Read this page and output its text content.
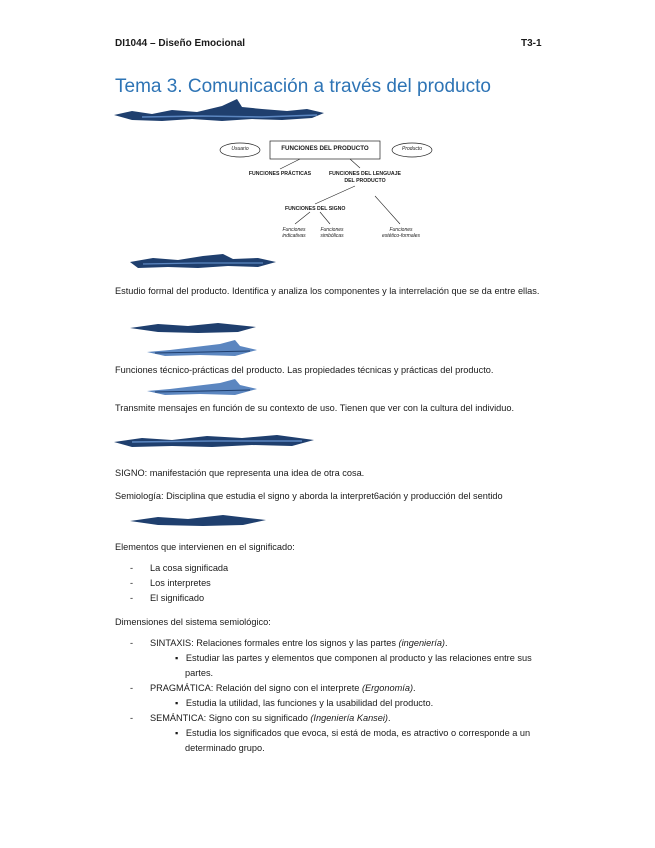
DI1044 – Diseño Emocional	T3-1
Tema 3. Comunicación a través del producto
Usuario	FUNCIONES DEL PRODUCTO	Producto
FUNCIONES PRÁCTICAS	FUNCIONES DEL LENGUAJE
DEL PRODUCTO
FUNCIONES DEL SIGNO
Funciones
indicativas
Funciones
simbólicas
Funciones
estético-formales
Estudio formal del producto. Identifica y analiza los componentes y la interrelación que se da entre ellas.
Funciones técnico-prácticas del producto. Las propiedades técnicas y prácticas del producto.
Transmite mensajes en función de su contexto de uso. Tienen que ver con la cultura del individuo.
SIGNO: manifestación que representa una idea de otra cosa.
Semiología: Disciplina que estudia el signo y aborda la interpret6ación y producción del sentido
Elementos que intervienen en el significado:
- La cosa significada
- Los interpretes
- El significado
Dimensiones del sistema semiológico:
- SINTAXIS: Relaciones formales entre los signos y las partes (ingeniería).
▪   Estudiar las partes y elementos que componen al producto y las relaciones entre sus partes.
- PRAGMÁTICA: Relación del signo con el interprete (Ergonomía).
▪   Estudia la utilidad, las funciones y la usabilidad del producto.
- SEMÁNTICA: Signo con su significado (Ingeniería Kansei).
▪   Estudia los significados que evoca, si está de moda, es atractivo o corresponde a un determinado grupo.
